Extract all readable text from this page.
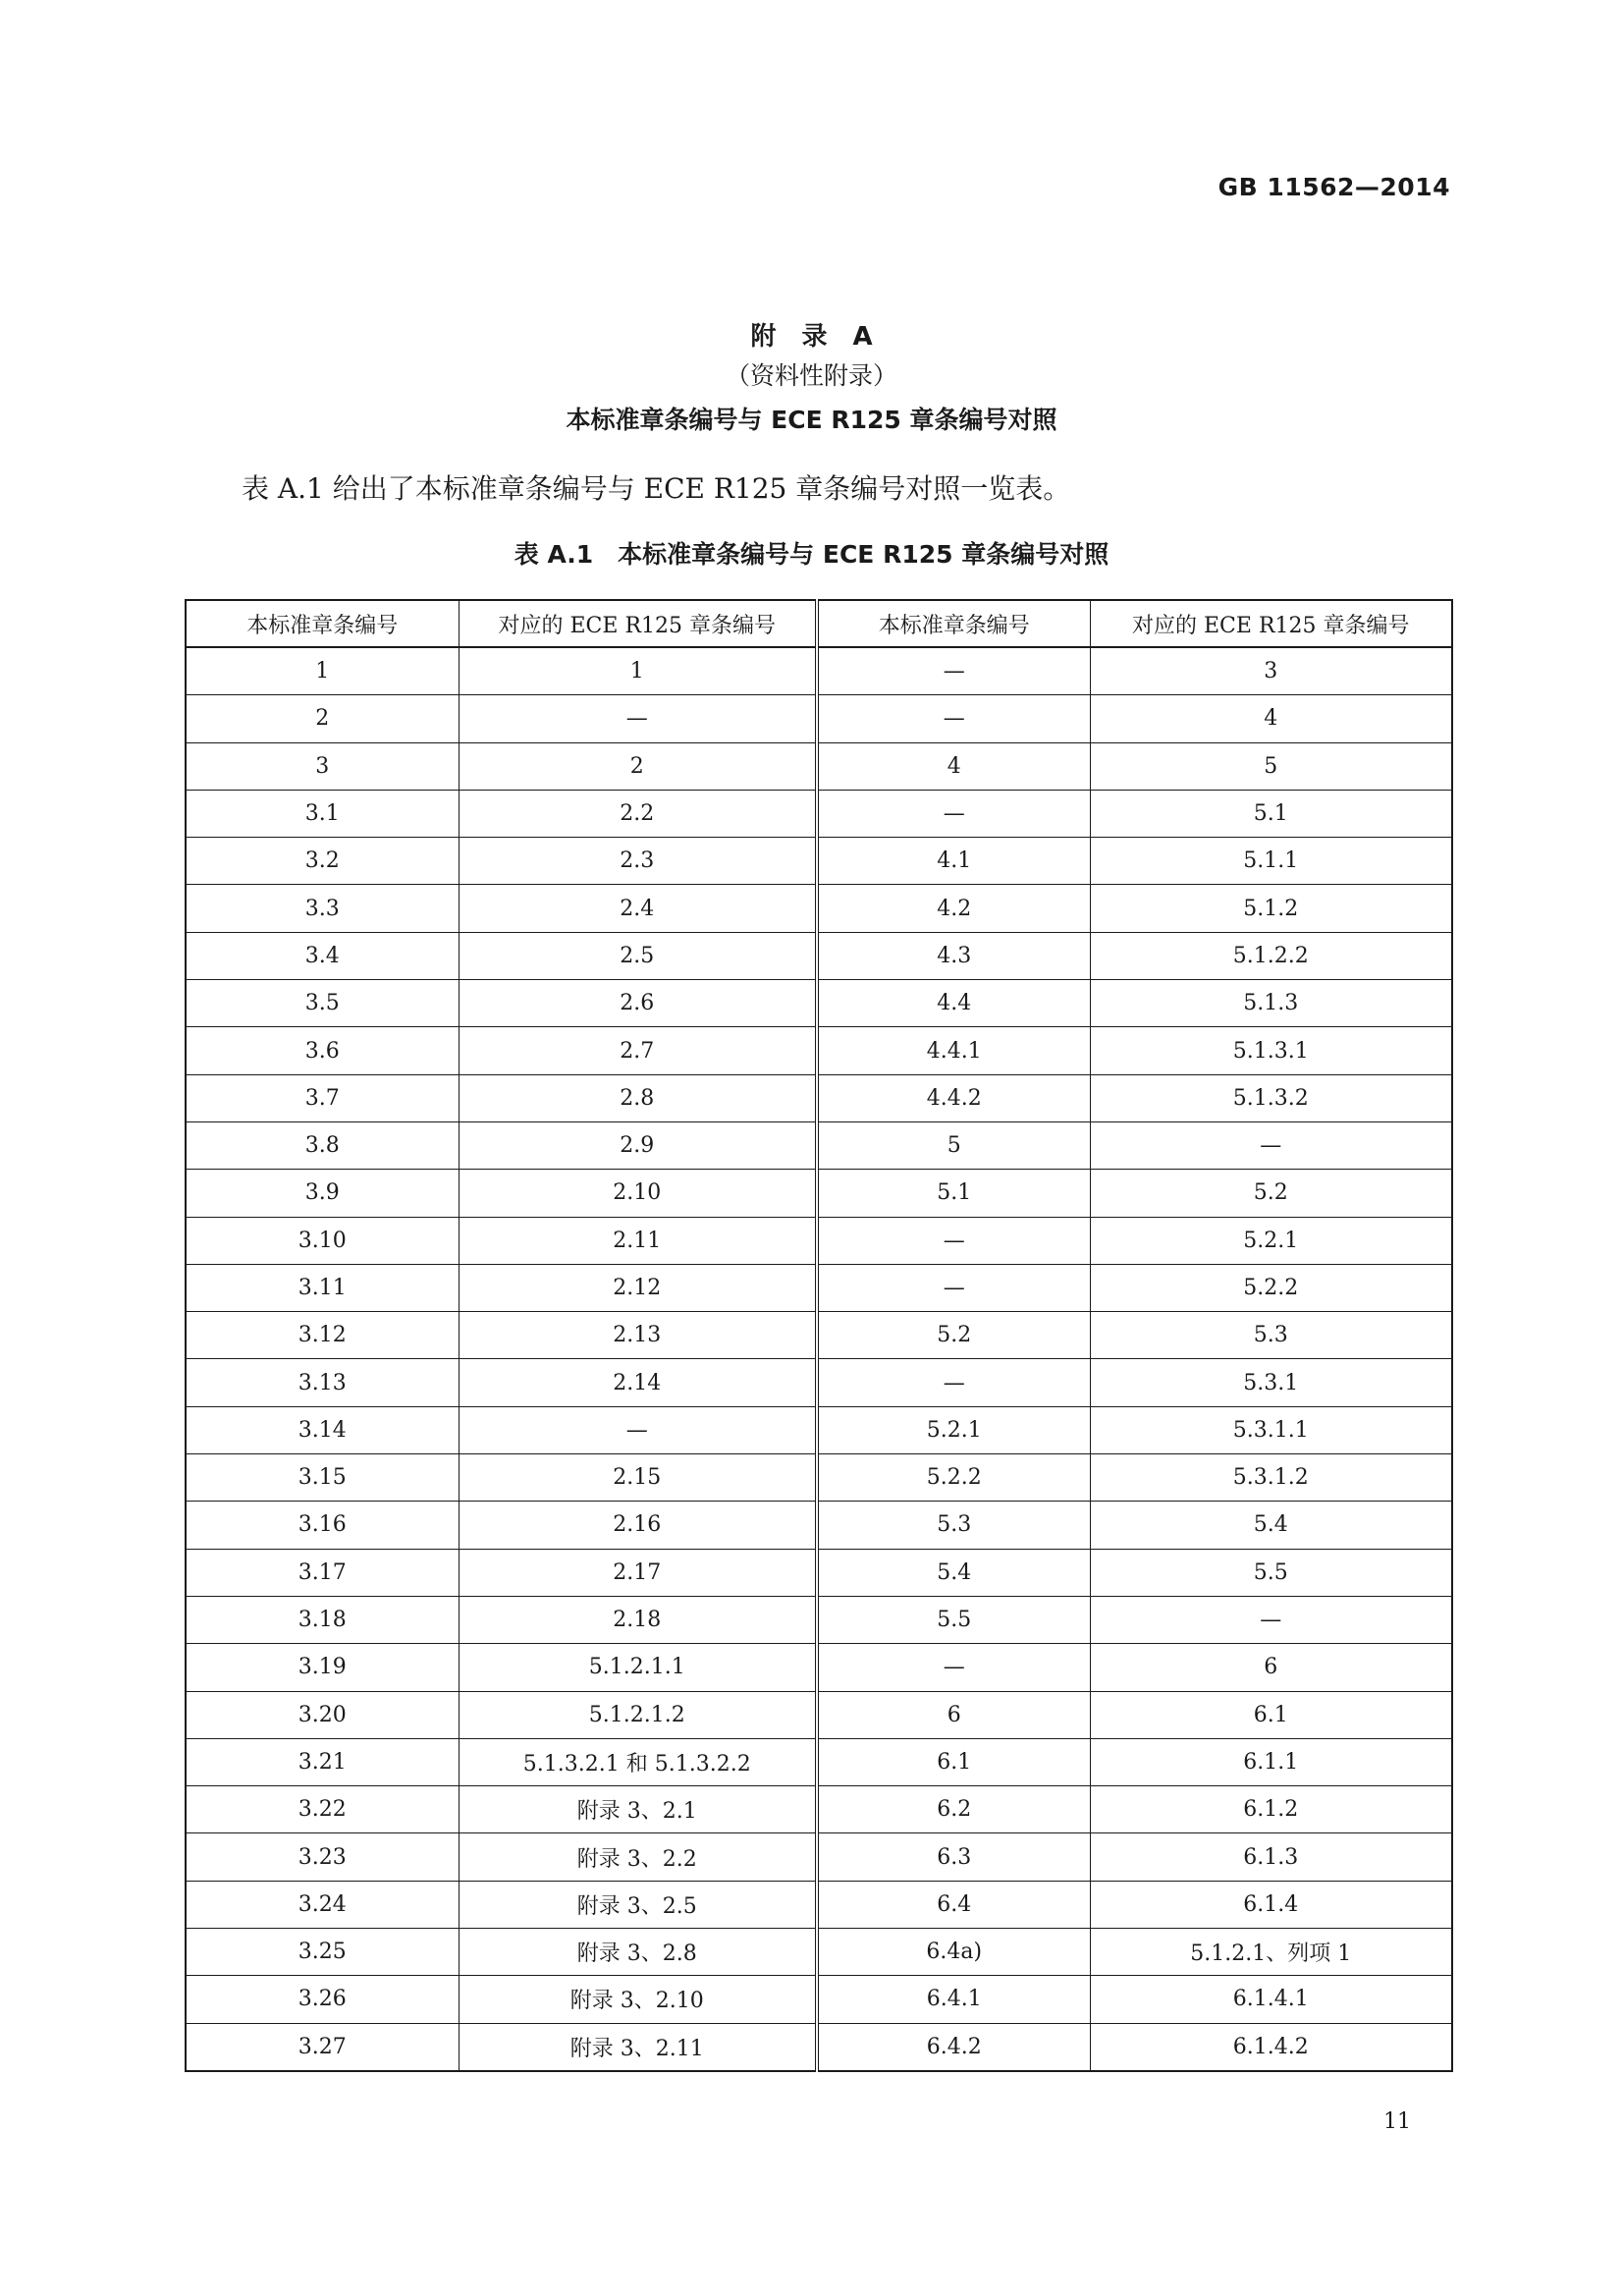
GB 11562—2014
附　录　A
（资料性附录）
本标准章条编号与 ECE R125 章条编号对照
表 A.1 给出了本标准章条编号与 ECE R125 章条编号对照一览表。
表 A.1　本标准章条编号与 ECE R125 章条编号对照
本标准章条编号	对应的 ECE R125 章条编号	本标准章条编号	对应的 ECE R125 章条编号
1	1	—	3
2	—	—	4
3	2	4	5
3.1	2.2	—	5.1
3.2	2.3	4.1	5.1.1
3.3	2.4	4.2	5.1.2
3.4	2.5	4.3	5.1.2.2
3.5	2.6	4.4	5.1.3
3.6	2.7	4.4.1	5.1.3.1
3.7	2.8	4.4.2	5.1.3.2
3.8	2.9	5	—
3.9	2.10	5.1	5.2
3.10	2.11	—	5.2.1
3.11	2.12	—	5.2.2
3.12	2.13	5.2	5.3
3.13	2.14	—	5.3.1
3.14	—	5.2.1	5.3.1.1
3.15	2.15	5.2.2	5.3.1.2
3.16	2.16	5.3	5.4
3.17	2.17	5.4	5.5
3.18	2.18	5.5	—
3.19	5.1.2.1.1	—	6
3.20	5.1.2.1.2	6	6.1
3.21	5.1.3.2.1 和 5.1.3.2.2	6.1	6.1.1
3.22	附录 3、2.1	6.2	6.1.2
3.23	附录 3、2.2	6.3	6.1.3
3.24	附录 3、2.5	6.4	6.1.4
3.25	附录 3、2.8	6.4a)	5.1.2.1、列项 1
3.26	附录 3、2.10	6.4.1	6.1.4.1
3.27	附录 3、2.11	6.4.2	6.1.4.2
11
